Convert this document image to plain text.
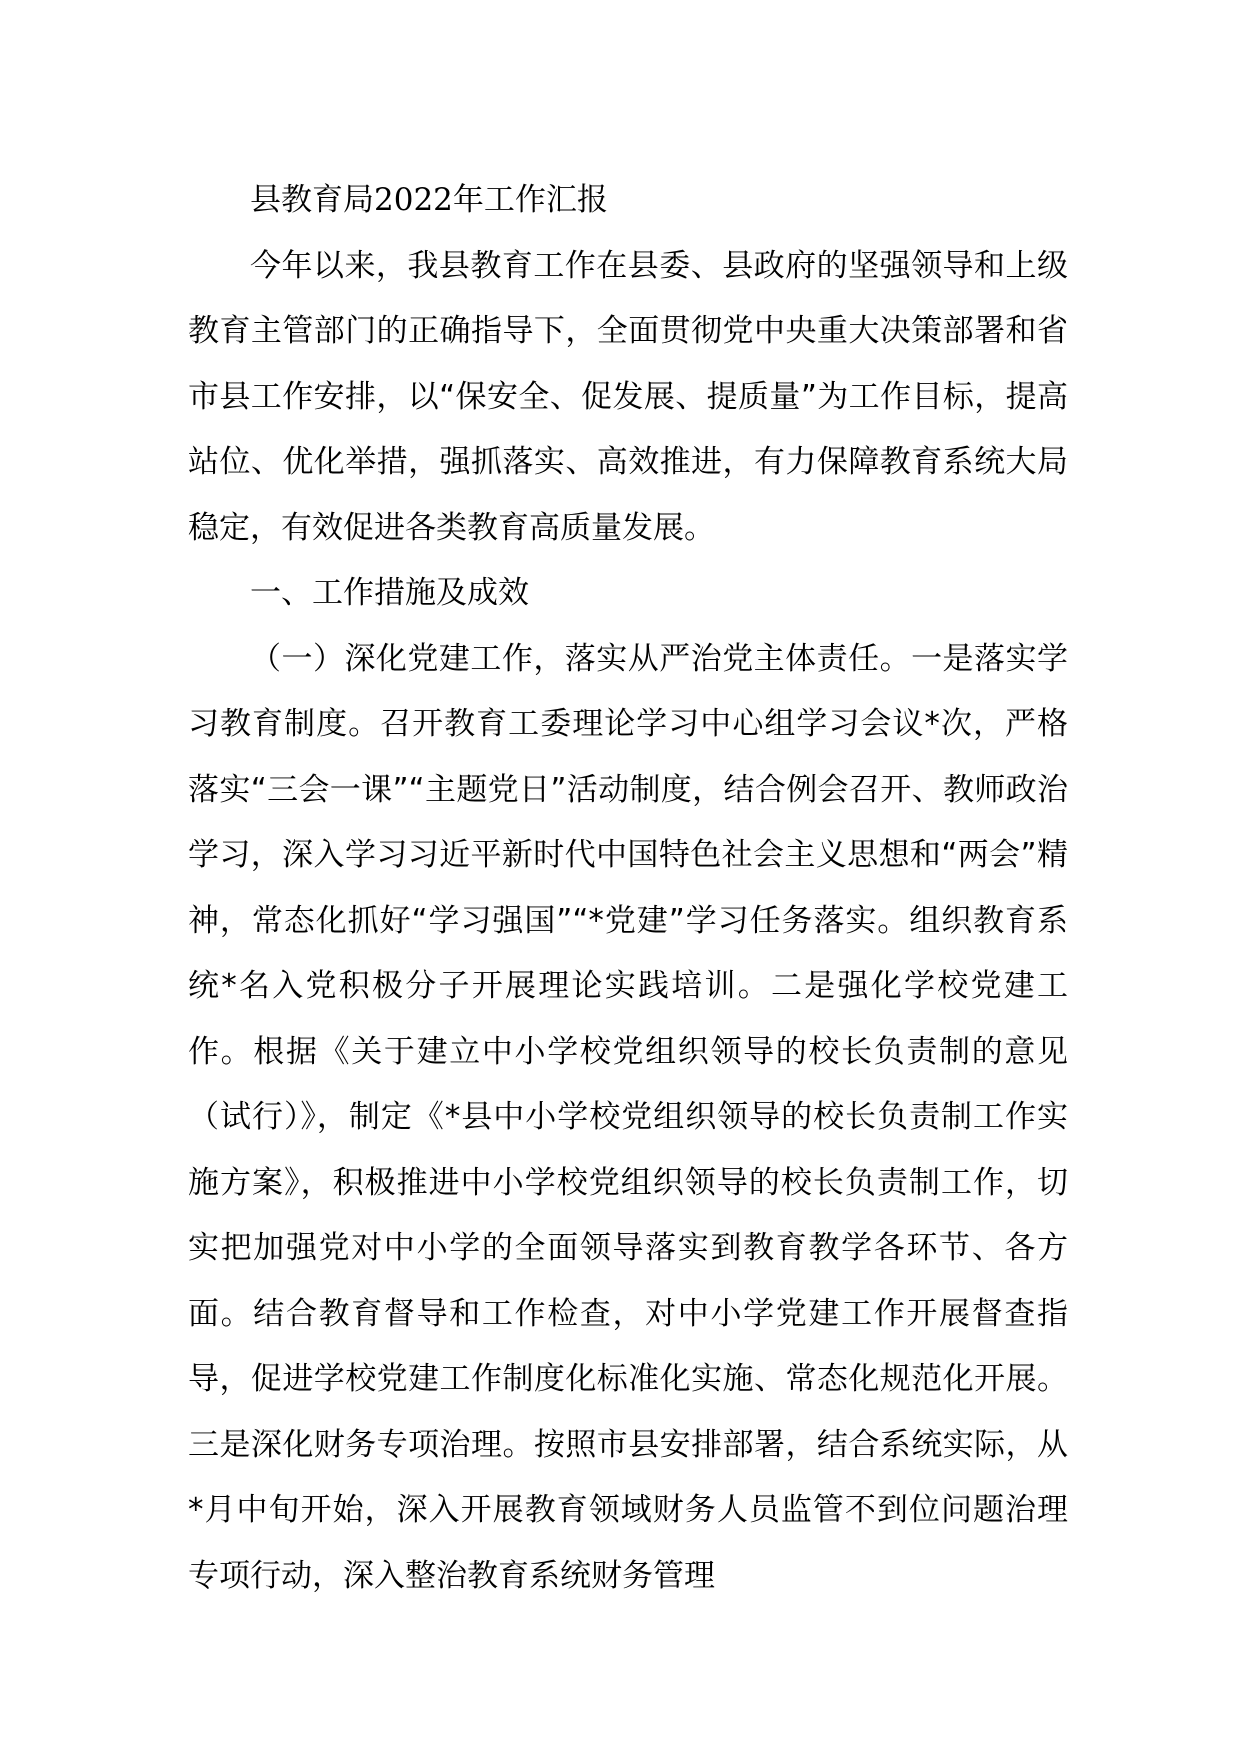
县教育局2022年工作汇报

今年以来，我县教育工作在县委、县政府的坚强领导和上级教育主管部门的正确指导下，全面贯彻党中央重大决策部署和省市县工作安排，以“保安全、促发展、提质量”为工作目标，提高站位、优化举措，强抓落实、高效推进，有力保障教育系统大局稳定，有效促进各类教育高质量发展。

一、工作措施及成效

（一）深化党建工作，落实从严治党主体责任。一是落实学习教育制度。召开教育工委理论学习中心组学习会议*次，严格落实“三会一课”“主题党日”活动制度，结合例会召开、教师政治学习，深入学习习近平新时代中国特色社会主义思想和“两会”精神，常态化抓好“学习强国”“*党建”学习任务落实。组织教育系统*名入党积极分子开展理论实践培训。二是强化学校党建工作。根据《关于建立中小学校党组织领导的校长负责制的意见（试行）》，制定《*县中小学校党组织领导的校长负责制工作实施方案》，积极推进中小学校党组织领导的校长负责制工作，切实把加强党对中小学的全面领导落实到教育教学各环节、各方面。结合教育督导和工作检查，对中小学党建工作开展督查指导，促进学校党建工作制度化标准化实施、常态化规范化开展。三是深化财务专项治理。按照市县安排部署，结合系统实际，从*月中旬开始，深入开展教育领域财务人员监管不到位问题治理专项行动，深入整治教育系统财务管理
